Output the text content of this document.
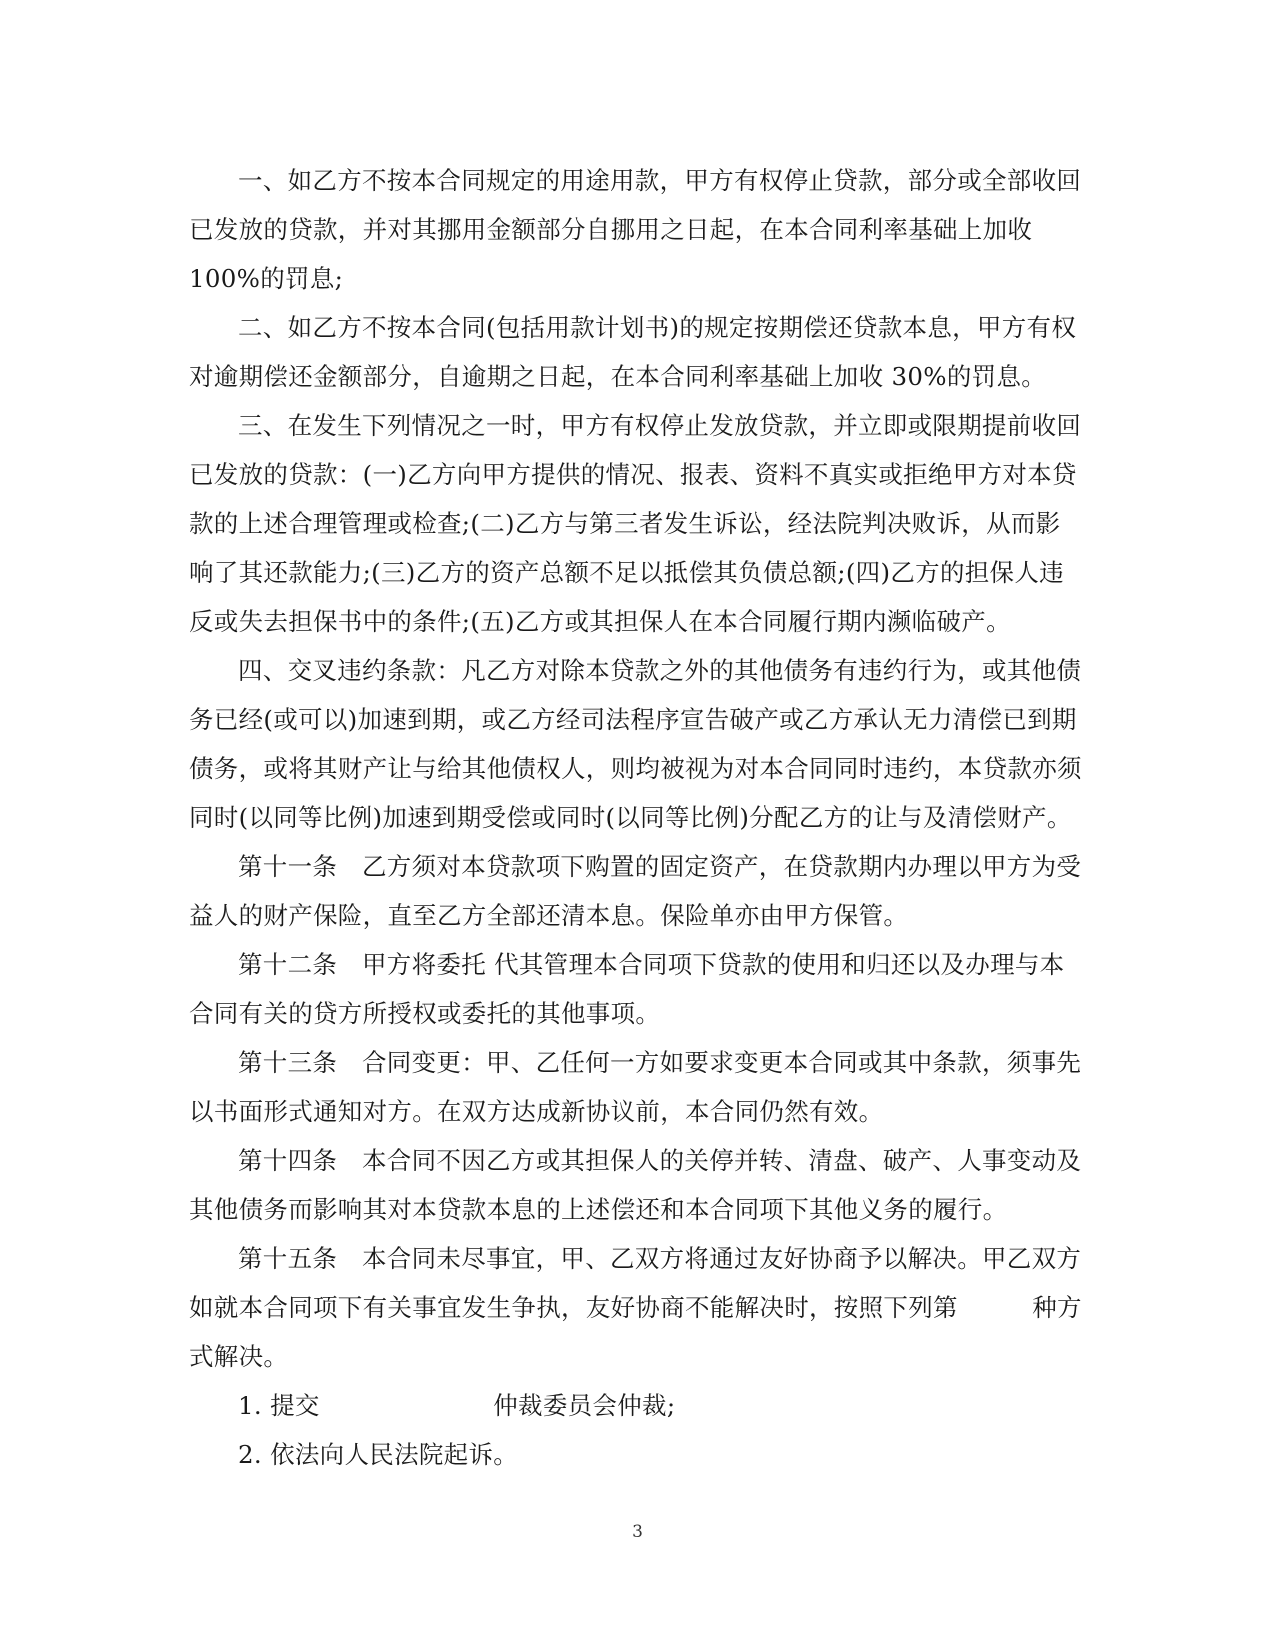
一、如乙方不按本合同规定的用途用款，甲方有权停止贷款，部分或全部收回
已发放的贷款，并对其挪用金额部分自挪用之日起，在本合同利率基础上加收
100%的罚息;

二、如乙方不按本合同(包括用款计划书)的规定按期偿还贷款本息，甲方有权
对逾期偿还金额部分，自逾期之日起，在本合同利率基础上加收 30%的罚息。

三、在发生下列情况之一时，甲方有权停止发放贷款，并立即或限期提前收回
已发放的贷款：(一)乙方向甲方提供的情况、报表、资料不真实或拒绝甲方对本贷
款的上述合理管理或检查;(二)乙方与第三者发生诉讼，经法院判决败诉，从而影
响了其还款能力;(三)乙方的资产总额不足以抵偿其负债总额;(四)乙方的担保人违
反或失去担保书中的条件;(五)乙方或其担保人在本合同履行期内濒临破产。

四、交叉违约条款：凡乙方对除本贷款之外的其他债务有违约行为，或其他债
务已经(或可以)加速到期，或乙方经司法程序宣告破产或乙方承认无力清偿已到期
债务，或将其财产让与给其他债权人，则均被视为对本合同同时违约，本贷款亦须
同时(以同等比例)加速到期受偿或同时(以同等比例)分配乙方的让与及清偿财产。

第十一条　乙方须对本贷款项下购置的固定资产，在贷款期内办理以甲方为受
益人的财产保险，直至乙方全部还清本息。保险单亦由甲方保管。

第十二条　甲方将委托 代其管理本合同项下贷款的使用和归还以及办理与本
合同有关的贷方所授权或委托的其他事项。

第十三条　合同变更：甲、乙任何一方如要求变更本合同或其中条款，须事先
以书面形式通知对方。在双方达成新协议前，本合同仍然有效。

第十四条　本合同不因乙方或其担保人的关停并转、清盘、破产、人事变动及
其他债务而影响其对本贷款本息的上述偿还和本合同项下其他义务的履行。

第十五条　本合同未尽事宜，甲、乙双方将通过友好协商予以解决。甲乙双方
如就本合同项下有关事宜发生争执，友好协商不能解决时，按照下列第　　　种方
式解决。

1. 提交　　　　　　　仲裁委员会仲裁;

2. 依法向人民法院起诉。

3
